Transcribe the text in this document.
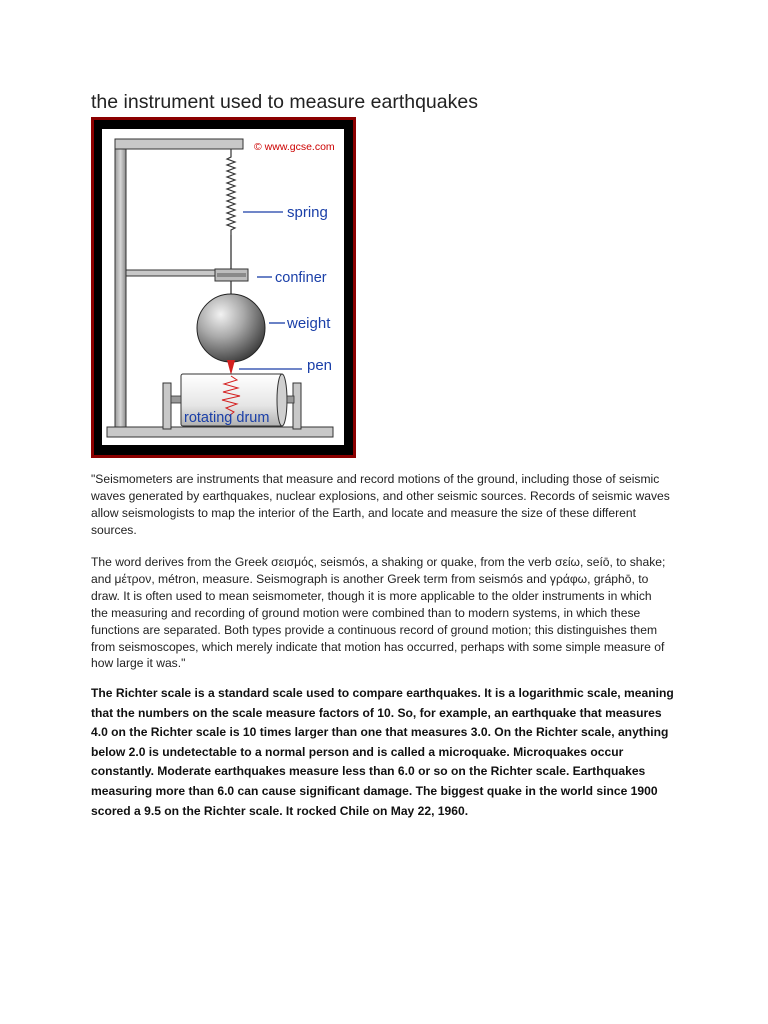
the instrument used to measure earthquakes
© www.gcse.com
spring
confiner
weight
pen
rotating drum

"Seismometers are instruments that measure and record motions of the ground, including those of seismic waves generated by earthquakes, nuclear explosions, and other seismic sources. Records of seismic waves allow seismologists to map the interior of the Earth, and locate and measure the size of these different sources.

The word derives from the Greek σεισμός, seismós, a shaking or quake, from the verb σείω, seíō, to shake; and μέτρον, métron, measure. Seismograph is another Greek term from seismós and γράφω, gráphō, to draw. It is often used to mean seismometer, though it is more applicable to the older instruments in which the measuring and recording of ground motion were combined than to modern systems, in which these functions are separated. Both types provide a continuous record of ground motion; this distinguishes them from seismoscopes, which merely indicate that motion has occurred, perhaps with some simple measure of how large it was."

The Richter scale is a standard scale used to compare earthquakes. It is a logarithmic scale, meaning that the numbers on the scale measure factors of 10. So, for example, an earthquake that measures 4.0 on the Richter scale is 10 times larger than one that measures 3.0. On the Richter scale, anything below 2.0 is undetectable to a normal person and is called a microquake. Microquakes occur constantly. Moderate earthquakes measure less than 6.0 or so on the Richter scale. Earthquakes measuring more than 6.0 can cause significant damage. The biggest quake in the world since 1900 scored a 9.5 on the Richter scale. It rocked Chile on May 22, 1960.
